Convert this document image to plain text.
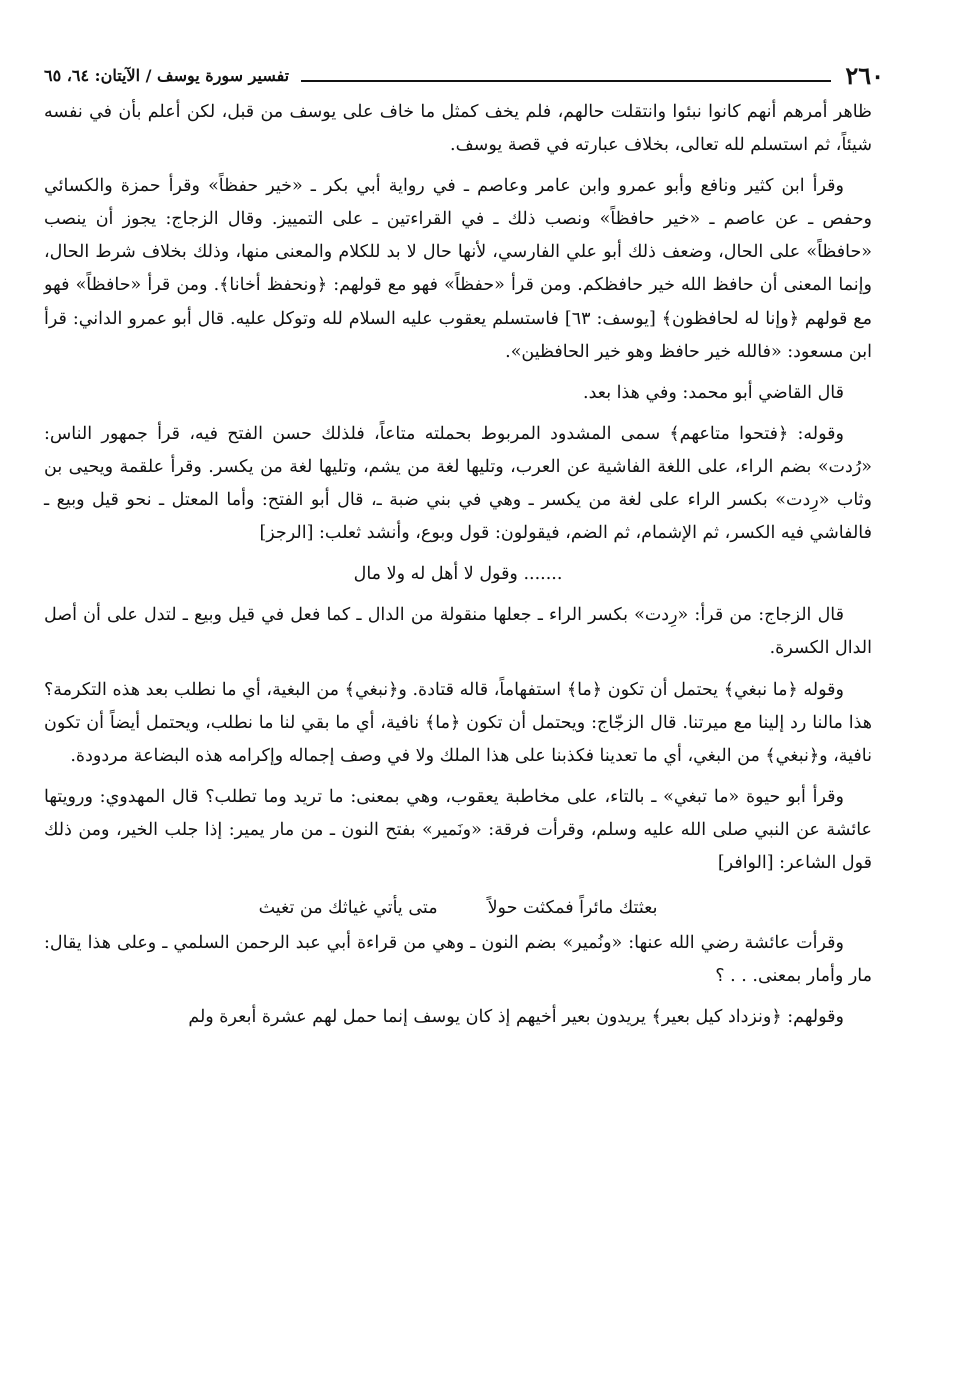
٢٦٠
تفسير سورة يوسف / الآيتان: ٦٤، ٦٥

ظاهر أمرهم أنهم كانوا نبئوا وانتقلت حالهم، فلم يخف كمثل ما خاف على يوسف من قبل، لكن أعلم بأن في نفسه شيئاً، ثم استسلم لله تعالى، بخلاف عبارته في قصة يوسف.

وقرأ ابن كثير ونافع وأبو عمرو وابن عامر وعاصم ـ في رواية أبي بكر ـ «خير حفظاً» وقرأ حمزة والكسائي وحفص ـ عن عاصم ـ «خير حافظاً» ونصب ذلك ـ في القراءتين ـ على التمييز. وقال الزجاج: يجوز أن ينصب «حافظاً» على الحال، وضعف ذلك أبو علي الفارسي، لأنها حال لا بد للكلام والمعنى منها، وذلك بخلاف شرط الحال، وإنما المعنى أن حافظ الله خير حافظكم. ومن قرأ «حفظاً» فهو مع قولهم: ﴿ونحفظ أخانا﴾. ومن قرأ «حافظاً» فهو مع قولهم ﴿وإنا له لحافظون﴾ [يوسف: ٦٣] فاستسلم يعقوب عليه السلام لله وتوكل عليه. قال أبو عمرو الداني: قرأ ابن مسعود: «فالله خير حافظ وهو خير الحافظين».

قال القاضي أبو محمد: وفي هذا بعد.

وقوله: ﴿فتحوا متاعهم﴾ سمى المشدود المربوط بحملته متاعاً، فلذلك حسن الفتح فيه، قرأ جمهور الناس: «رُدت» بضم الراء، على اللغة الفاشية عن العرب، وتليها لغة من يشم، وتليها لغة من يكسر. وقرأ علقمة ويحيى بن وثاب «رِدت» بكسر الراء على لغة من يكسر ـ وهي في بني ضبة ـ، قال أبو الفتح: وأما المعتل ـ نحو قيل وبيع ـ فالفاشي فيه الكسر، ثم الإشمام، ثم الضم، فيقولون: قول وبوع، وأنشد ثعلب: [الرجز]

....... وقول لا أهل له ولا مال

قال الزجاج: من قرأ: «رِدت» بكسر الراء ـ جعلها منقولة من الدال ـ كما فعل في قيل وبيع ـ لتدل على أن أصل الدال الكسرة.

وقوله ﴿ما نبغي﴾ يحتمل أن تكون ﴿ما﴾ استفهاماً، قاله قتادة. و﴿نبغي﴾ من البغية، أي ما نطلب بعد هذه التكرمة؟ هذا مالنا رد إلينا مع ميرتنا. قال الزجّاج: ويحتمل أن تكون ﴿ما﴾ نافية، أي ما بقي لنا ما نطلب، ويحتمل أيضاً أن تكون نافية، و﴿نبغي﴾ من البغي، أي ما تعدينا فكذبنا على هذا الملك ولا في وصف إجماله وإكرامه هذه البضاعة مردودة.

وقرأ أبو حيوة «ما تبغي» ـ بالتاء، على مخاطبة يعقوب، وهي بمعنى: ما تريد وما تطلب؟ قال المهدوي: ورويتها عائشة عن النبي صلى الله عليه وسلم، وقرأت فرقة: «ونَمير» بفتح النون ـ من مار يمير: إذا جلب الخير، ومن ذلك قول الشاعر: [الوافر]

بعثتك مائراً فمكثت حولاً
متى يأتي غياثك من تغيث

وقرأت عائشة رضي الله عنها: «ونُمير» بضم النون ـ وهي من قراءة أبي عبد الرحمن السلمي ـ وعلى هذا يقال: مار وأمار بمعنى. . . ؟

وقولهم: ﴿ونزداد كيل بعير﴾ يريدون بعير أخيهم إذ كان يوسف إنما حمل لهم عشرة أبعرة ولم
